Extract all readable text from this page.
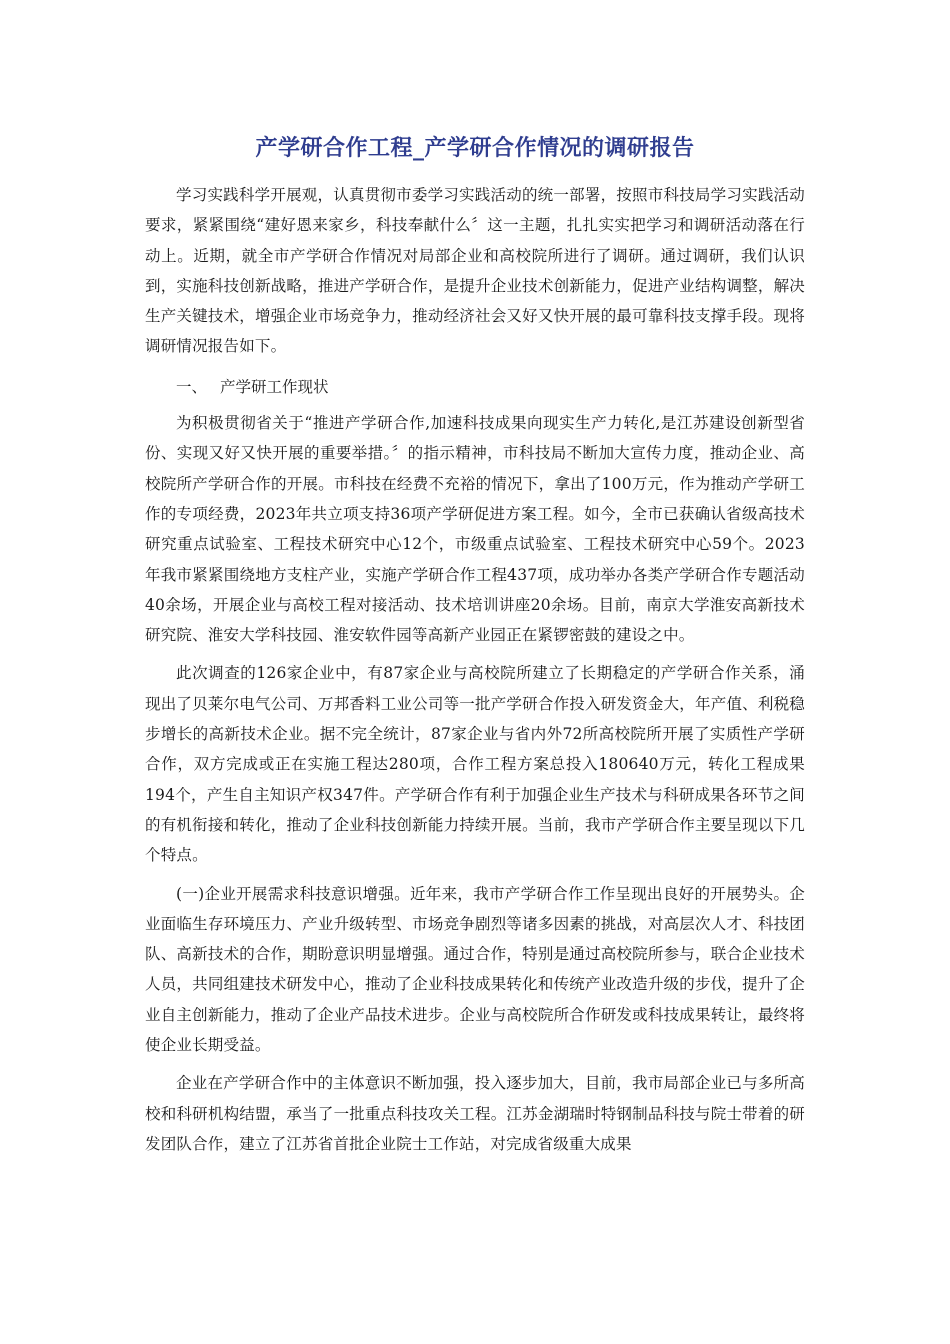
产学研合作工程_产学研合作情况的调研报告

学习实践科学开展观，认真贯彻市委学习实践活动的统一部署，按照市科技局学习实践活动要求，紧紧围绕“建好恩来家乡，科技奉献什么〞这一主题，扎扎实实把学习和调研活动落在行动上。近期，就全市产学研合作情况对局部企业和高校院所进行了调研。通过调研，我们认识到，实施科技创新战略，推进产学研合作，是提升企业技术创新能力，促进产业结构调整，解决生产关键技术，增强企业市场竞争力，推动经济社会又好又快开展的最可靠科技支撑手段。现将调研情况报告如下。

一、 产学研工作现状

为积极贯彻省关于“推进产学研合作,加速科技成果向现实生产力转化,是江苏建设创新型省份、实现又好又快开展的重要举措。〞的指示精神，市科技局不断加大宣传力度，推动企业、高校院所产学研合作的开展。市科技在经费不充裕的情况下，拿出了100万元，作为推动产学研工作的专项经费，2023年共立项支持36项产学研促进方案工程。如今，全市已获确认省级高技术研究重点试验室、工程技术研究中心12个，市级重点试验室、工程技术研究中心59个。2023年我市紧紧围绕地方支柱产业，实施产学研合作工程437项，成功举办各类产学研合作专题活动40余场，开展企业与高校工程对接活动、技术培训讲座20余场。目前，南京大学淮安高新技术研究院、淮安大学科技园、淮安软件园等高新产业园正在紧锣密鼓的建设之中。

此次调查的126家企业中，有87家企业与高校院所建立了长期稳定的产学研合作关系，涌现出了贝莱尔电气公司、万邦香料工业公司等一批产学研合作投入研发资金大，年产值、利税稳步增长的高新技术企业。据不完全统计，87家企业与省内外72所高校院所开展了实质性产学研合作，双方完成或正在实施工程达280项，合作工程方案总投入180640万元，转化工程成果194个，产生自主知识产权347件。产学研合作有利于加强企业生产技术与科研成果各环节之间的有机衔接和转化，推动了企业科技创新能力持续开展。当前，我市产学研合作主要呈现以下几个特点。

(一)企业开展需求科技意识增强。近年来，我市产学研合作工作呈现出良好的开展势头。企业面临生存环境压力、产业升级转型、市场竞争剧烈等诸多因素的挑战，对高层次人才、科技团队、高新技术的合作，期盼意识明显增强。通过合作，特别是通过高校院所参与，联合企业技术人员，共同组建技术研发中心，推动了企业科技成果转化和传统产业改造升级的步伐，提升了企业自主创新能力，推动了企业产品技术进步。企业与高校院所合作研发或科技成果转让，最终将使企业长期受益。

企业在产学研合作中的主体意识不断加强，投入逐步加大，目前，我市局部企业已与多所高校和科研机构结盟，承当了一批重点科技攻关工程。江苏金湖瑞时特钢制品科技与院士带着的研发团队合作，建立了江苏省首批企业院士工作站，对完成省级重大成果
